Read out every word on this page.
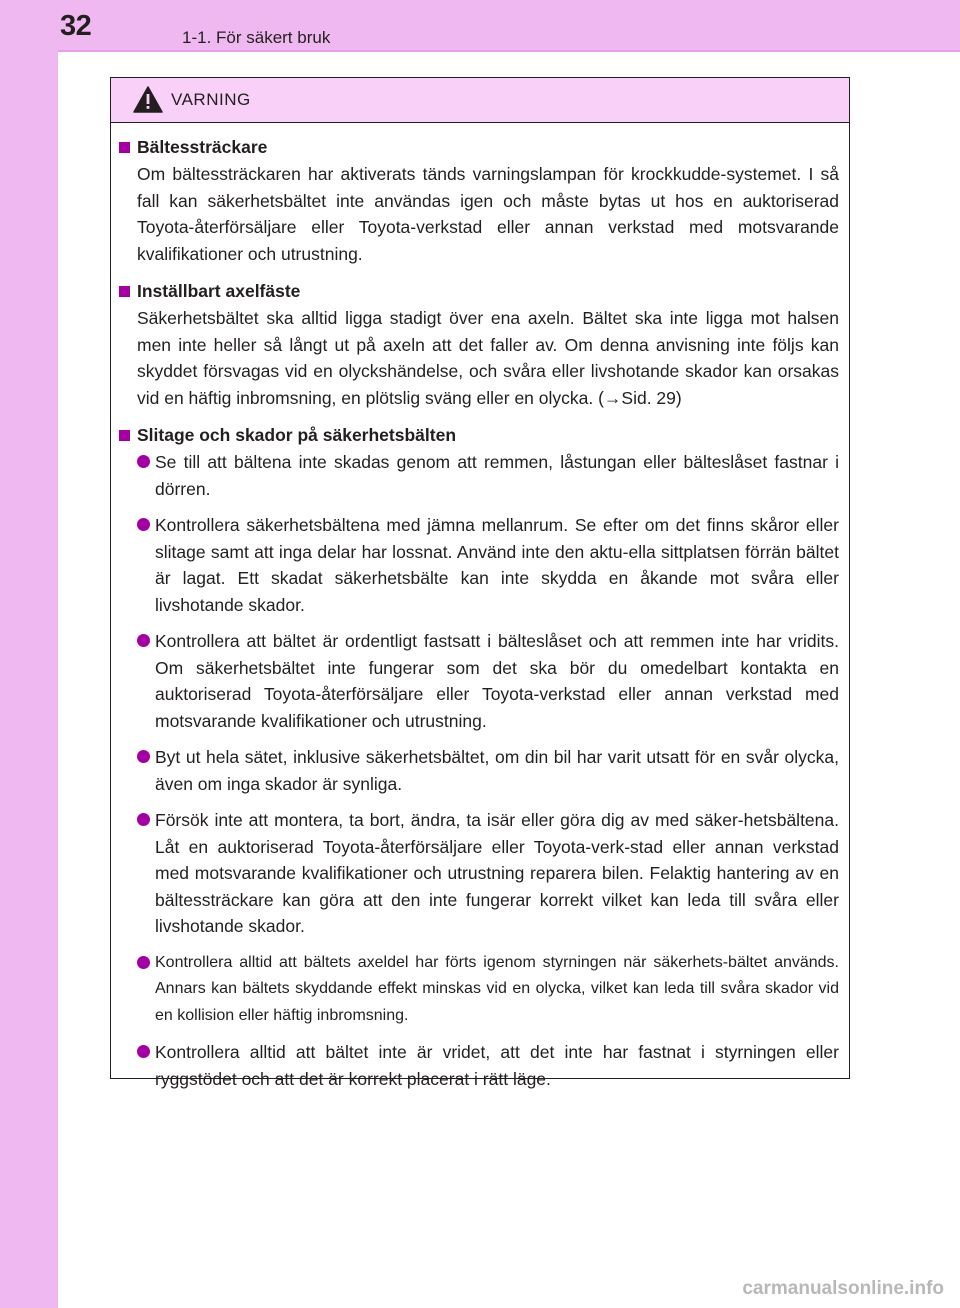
32	1-1. För säkert bruk
VARNING
Bältessträckare
Om bältessträckaren har aktiverats tänds varningslampan för krockkudde-systemet. I så fall kan säkerhetsbältet inte användas igen och måste bytas ut hos en auktoriserad Toyota-återförsäljare eller Toyota-verkstad eller annan verkstad med motsvarande kvalifikationer och utrustning.
Inställbart axelfäste
Säkerhetsbältet ska alltid ligga stadigt över ena axeln. Bältet ska inte ligga mot halsen men inte heller så långt ut på axeln att det faller av. Om denna anvisning inte följs kan skyddet försvagas vid en olyckshändelse, och svåra eller livshotande skador kan orsakas vid en häftig inbromsning, en plötslig sväng eller en olycka. (→Sid. 29)
Slitage och skador på säkerhetsbälten
Se till att bältena inte skadas genom att remmen, låstungan eller bälteslåset fastnar i dörren.
Kontrollera säkerhetsbältena med jämna mellanrum. Se efter om det finns skåror eller slitage samt att inga delar har lossnat. Använd inte den aktu-ella sittplatsen förrän bältet är lagat. Ett skadat säkerhetsbälte kan inte skydda en åkande mot svåra eller livshotande skador.
Kontrollera att bältet är ordentligt fastsatt i bälteslåset och att remmen inte har vridits. Om säkerhetsbältet inte fungerar som det ska bör du omedelbart kontakta en auktoriserad Toyota-återförsäljare eller Toyota-verkstad eller annan verkstad med motsvarande kvalifikationer och utrustning.
Byt ut hela sätet, inklusive säkerhetsbältet, om din bil har varit utsatt för en svår olycka, även om inga skador är synliga.
Försök inte att montera, ta bort, ändra, ta isär eller göra dig av med säker-hetsbältena. Låt en auktoriserad Toyota-återförsäljare eller Toyota-verk-stad eller annan verkstad med motsvarande kvalifikationer och utrustning reparera bilen. Felaktig hantering av en bältessträckare kan göra att den inte fungerar korrekt vilket kan leda till svåra eller livshotande skador.
Kontrollera alltid att bältets axeldel har förts igenom styrningen när säkerhets-bältet används. Annars kan bältets skyddande effekt minskas vid en olycka, vilket kan leda till svåra skador vid en kollision eller häftig inbromsning.
Kontrollera alltid att bältet inte är vridet, att det inte har fastnat i styrningen eller ryggstödet och att det är korrekt placerat i rätt läge.
carmanualsonline.info
